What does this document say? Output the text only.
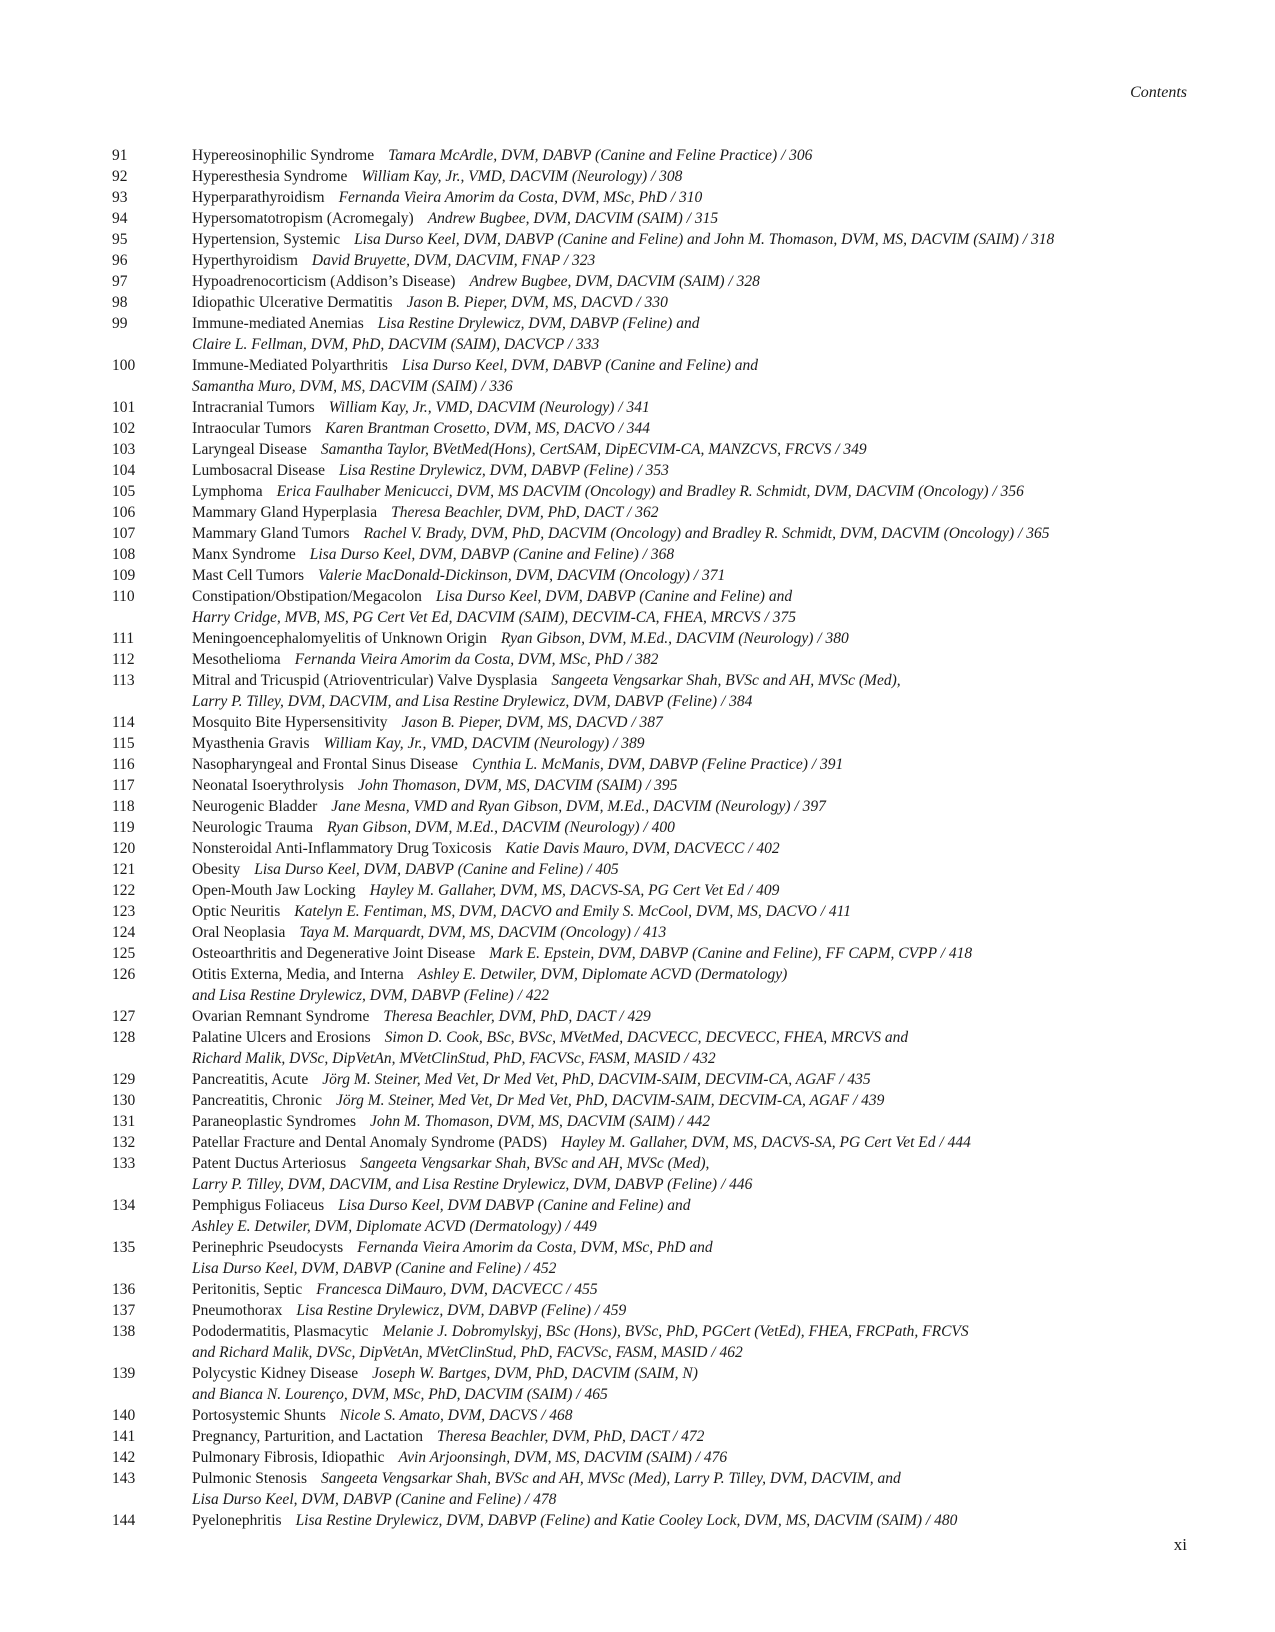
Contents
91	Hypereosinophilic Syndrome Tamara McArdle, DVM, DABVP (Canine and Feline Practice) / 306
92	Hyperesthesia Syndrome William Kay, Jr., VMD, DACVIM (Neurology) / 308
93	Hyperparathyroidism Fernanda Vieira Amorim da Costa, DVM, MSc, PhD / 310
94	Hypersomatotropism (Acromegaly) Andrew Bugbee, DVM, DACVIM (SAIM) / 315
95	Hypertension, Systemic Lisa Durso Keel, DVM, DABVP (Canine and Feline) and John M. Thomason, DVM, MS, DACVIM (SAIM) / 318
96	Hyperthyroidism David Bruyette, DVM, DACVIM, FNAP / 323
97	Hypoadrenocorticism (Addison’s Disease) Andrew Bugbee, DVM, DACVIM (SAIM) / 328
98	Idiopathic Ulcerative Dermatitis Jason B. Pieper, DVM, MS, DACVD / 330
99	Immune-mediated Anemias Lisa Restine Drylewicz, DVM, DABVP (Feline) and
Claire L. Fellman, DVM, PhD, DACVIM (SAIM), DACVCP / 333
100	Immune-Mediated Polyarthritis Lisa Durso Keel, DVM, DABVP (Canine and Feline) and
Samantha Muro, DVM, MS, DACVIM (SAIM) / 336
101	Intracranial Tumors William Kay, Jr., VMD, DACVIM (Neurology) / 341
102	Intraocular Tumors Karen Brantman Crosetto, DVM, MS, DACVO / 344
103	Laryngeal Disease Samantha Taylor, BVetMed(Hons), CertSAM, DipECVIM-CA, MANZCVS, FRCVS / 349
104	Lumbosacral Disease Lisa Restine Drylewicz, DVM, DABVP (Feline) / 353
105	Lymphoma Erica Faulhaber Menicucci, DVM, MS DACVIM (Oncology) and Bradley R. Schmidt, DVM, DACVIM (Oncology) / 356
106	Mammary Gland Hyperplasia Theresa Beachler, DVM, PhD, DACT / 362
107	Mammary Gland Tumors Rachel V. Brady, DVM, PhD, DACVIM (Oncology) and Bradley R. Schmidt, DVM, DACVIM (Oncology) / 365
108	Manx Syndrome Lisa Durso Keel, DVM, DABVP (Canine and Feline) / 368
109	Mast Cell Tumors Valerie MacDonald-Dickinson, DVM, DACVIM (Oncology) / 371
110	Constipation/Obstipation/Megacolon Lisa Durso Keel, DVM, DABVP (Canine and Feline) and
Harry Cridge, MVB, MS, PG Cert Vet Ed, DACVIM (SAIM), DECVIM-CA, FHEA, MRCVS / 375
111	Meningoencephalomyelitis of Unknown Origin Ryan Gibson, DVM, M.Ed., DACVIM (Neurology) / 380
112	Mesothelioma Fernanda Vieira Amorim da Costa, DVM, MSc, PhD / 382
113	Mitral and Tricuspid (Atrioventricular) Valve Dysplasia Sangeeta Vengsarkar Shah, BVSc and AH, MVSc (Med),
Larry P. Tilley, DVM, DACVIM, and Lisa Restine Drylewicz, DVM, DABVP (Feline) / 384
114	Mosquito Bite Hypersensitivity Jason B. Pieper, DVM, MS, DACVD / 387
115	Myasthenia Gravis William Kay, Jr., VMD, DACVIM (Neurology) / 389
116	Nasopharyngeal and Frontal Sinus Disease Cynthia L. McManis, DVM, DABVP (Feline Practice) / 391
117	Neonatal Isoerythrolysis John Thomason, DVM, MS, DACVIM (SAIM) / 395
118	Neurogenic Bladder Jane Mesna, VMD and Ryan Gibson, DVM, M.Ed., DACVIM (Neurology) / 397
119	Neurologic Trauma Ryan Gibson, DVM, M.Ed., DACVIM (Neurology) / 400
120	Nonsteroidal Anti-Inflammatory Drug Toxicosis Katie Davis Mauro, DVM, DACVECC / 402
121	Obesity Lisa Durso Keel, DVM, DABVP (Canine and Feline) / 405
122	Open-Mouth Jaw Locking Hayley M. Gallaher, DVM, MS, DACVS-SA, PG Cert Vet Ed / 409
123	Optic Neuritis Katelyn E. Fentiman, MS, DVM, DACVO and Emily S. McCool, DVM, MS, DACVO / 411
124	Oral Neoplasia Taya M. Marquardt, DVM, MS, DACVIM (Oncology) / 413
125	Osteoarthritis and Degenerative Joint Disease Mark E. Epstein, DVM, DABVP (Canine and Feline), FF CAPM, CVPP / 418
126	Otitis Externa, Media, and Interna Ashley E. Detwiler, DVM, Diplomate ACVD (Dermatology)
and Lisa Restine Drylewicz, DVM, DABVP (Feline) / 422
127	Ovarian Remnant Syndrome Theresa Beachler, DVM, PhD, DACT / 429
128	Palatine Ulcers and Erosions Simon D. Cook, BSc, BVSc, MVetMed, DACVECC, DECVECC, FHEA, MRCVS and
Richard Malik, DVSc, DipVetAn, MVetClinStud, PhD, FACVSc, FASM, MASID / 432
129	Pancreatitis, Acute Jörg M. Steiner, Med Vet, Dr Med Vet, PhD, DACVIM-SAIM, DECVIM-CA, AGAF / 435
130	Pancreatitis, Chronic Jörg M. Steiner, Med Vet, Dr Med Vet, PhD, DACVIM-SAIM, DECVIM-CA, AGAF / 439
131	Paraneoplastic Syndromes John M. Thomason, DVM, MS, DACVIM (SAIM) / 442
132	Patellar Fracture and Dental Anomaly Syndrome (PADS) Hayley M. Gallaher, DVM, MS, DACVS-SA, PG Cert Vet Ed / 444
133	Patent Ductus Arteriosus Sangeeta Vengsarkar Shah, BVSc and AH, MVSc (Med),
Larry P. Tilley, DVM, DACVIM, and Lisa Restine Drylewicz, DVM, DABVP (Feline) / 446
134	Pemphigus Foliaceus Lisa Durso Keel, DVM DABVP (Canine and Feline) and
Ashley E. Detwiler, DVM, Diplomate ACVD (Dermatology) / 449
135	Perinephric Pseudocysts Fernanda Vieira Amorim da Costa, DVM, MSc, PhD and
Lisa Durso Keel, DVM, DABVP (Canine and Feline) / 452
136	Peritonitis, Septic Francesca DiMauro, DVM, DACVECC / 455
137	Pneumothorax Lisa Restine Drylewicz, DVM, DABVP (Feline) / 459
138	Pododermatitis, Plasmacytic Melanie J. Dobromylskyj, BSc (Hons), BVSc, PhD, PGCert (VetEd), FHEA, FRCPath, FRCVS
and Richard Malik, DVSc, DipVetAn, MVetClinStud, PhD, FACVSc, FASM, MASID / 462
139	Polycystic Kidney Disease Joseph W. Bartges, DVM, PhD, DACVIM (SAIM, N)
and Bianca N. Lourenço, DVM, MSc, PhD, DACVIM (SAIM) / 465
140	Portosystemic Shunts Nicole S. Amato, DVM, DACVS / 468
141	Pregnancy, Parturition, and Lactation Theresa Beachler, DVM, PhD, DACT / 472
142	Pulmonary Fibrosis, Idiopathic Avin Arjoonsingh, DVM, MS, DACVIM (SAIM) / 476
143	Pulmonic Stenosis Sangeeta Vengsarkar Shah, BVSc and AH, MVSc (Med), Larry P. Tilley, DVM, DACVIM, and
Lisa Durso Keel, DVM, DABVP (Canine and Feline) / 478
144	Pyelonephritis Lisa Restine Drylewicz, DVM, DABVP (Feline) and Katie Cooley Lock, DVM, MS, DACVIM (SAIM) / 480
xi
